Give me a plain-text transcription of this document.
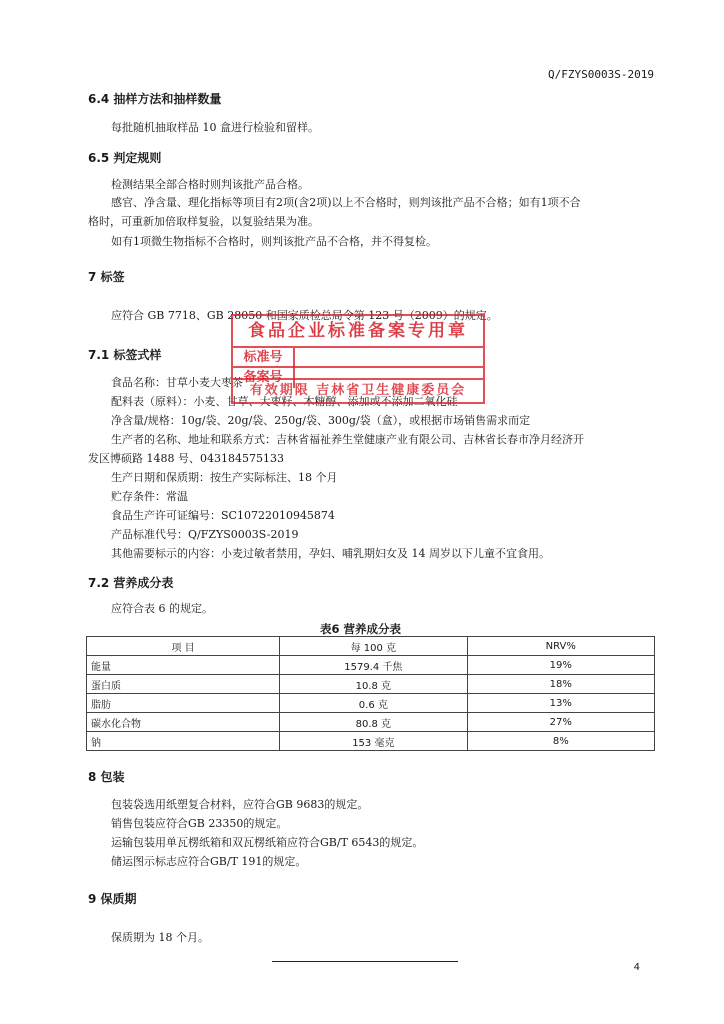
Q/FZYS0003S-2019
6.4 抽样方法和抽样数量
每批随机抽取样品 10 盒进行检验和留样。
6.5 判定规则
检测结果全部合格时则判该批产品合格。
感官、净含量、理化指标等项目有2项(含2项)以上不合格时，则判该批产品不合格；如有1项不合
格时，可重新加倍取样复验，以复验结果为准。
如有1项微生物指标不合格时，则判该批产品不合格，并不得复检。
7 标签
应符合 GB 7718、GB 28050 和国家质检总局令第 123 号（2009）的规定。
7.1 标签式样
食品名称：甘草小麦大枣茶
配料表（原料）：小麦、甘草、大枣籽、木糖醇、添加或不添加二氧化硅
净含量/规格：10g/袋、20g/袋、250g/袋、300g/袋（盒），或根据市场销售需求而定
生产者的名称、地址和联系方式：吉林省福祉养生堂健康产业有限公司、吉林省长春市净月经济开
发区博硕路 1488 号、043184575133
生产日期和保质期：按生产实际标注、18 个月
贮存条件：常温
食品生产许可证编号：SC10722010945874
产品标准代号：Q/FZYS0003S-2019
其他需要标示的内容：小麦过敏者禁用，孕妇、哺乳期妇女及 14 周岁以下儿童不宜食用。
7.2 营养成分表
应符合表 6 的规定。
表6 营养成分表
项 目	每 100 克	NRV%
能量	1579.4 千焦	19%
蛋白质	10.8 克	18%
脂肪	0.6 克	13%
碳水化合物	80.8 克	27%
钠	153 毫克	8%
8 包装
包装袋选用纸塑复合材料，应符合GB 9683的规定。
销售包装应符合GB 23350的规定。
运输包装用单瓦楞纸箱和双瓦楞纸箱应符合GB/T 6543的规定。
储运图示标志应符合GB/T 191的规定。
9 保质期
保质期为 18 个月。
食品企业标准备案专用章
标准号
备案号
有效期限 吉林省卫生健康委员会
4
